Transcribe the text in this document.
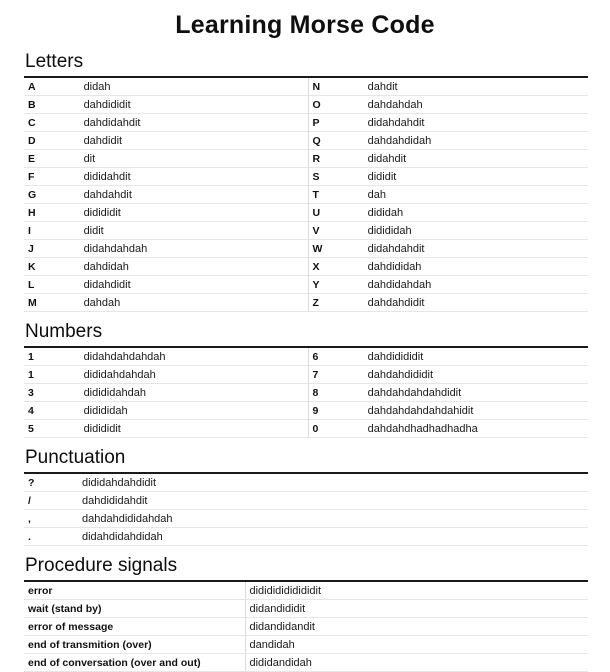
Learning Morse Code
Letters
A	didah		N	dahdit
B	dahdididit		O	dahdahdah
C	dahdidahdit		P	didahdahdit
D	dahdidit		Q	dahdahdidah
E	dit		R	didahdit
F	dididahdit		S	dididit
G	dahdahdit		T	dah
H	didididit		U	dididah
I	didit		V	didididah
J	didahdahdah		W	didahdahdit
K	dahdidah		X	dahdididah
L	didahdidit		Y	dahdidahdah
M	dahdah		Z	dahdahdidit
Numbers
1	didahdahdahdah		6	dahdidididit
1	dididahdahdah		7	dahdahdididit
3	didididahdah		8	dahdahdahdahdidit
4	didididah		9	dahdahdahdahdahidit
5	didididit		0	dahdahdhadhadhadha
Punctuation
?	dididahdahdidit
/	dahdididahdit
,	dahdahdididahdah
.	didahdidahdidah
Procedure signals
error	didididididididit
wait (stand by)	didandididit
error of message	didandidandit
end of transmition (over)	dandidah
end of conversation (over and out)	dididandidah
